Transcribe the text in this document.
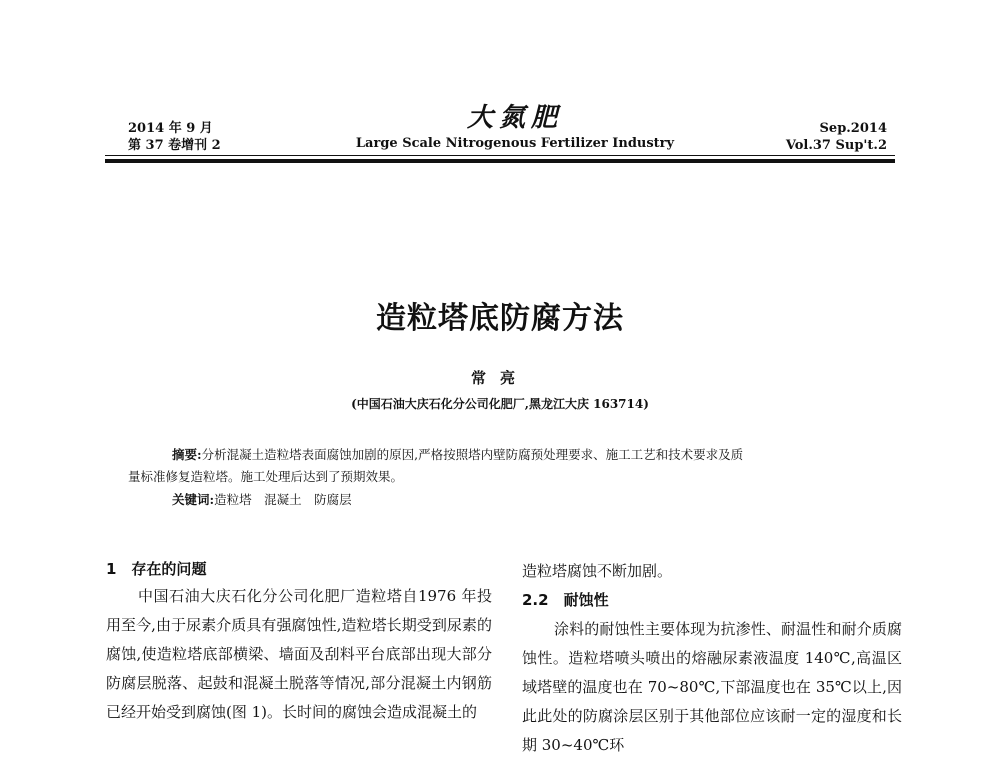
2014 年 9 月
第 37 卷增刊 2
大氮肥
Large Scale Nitrogenous Fertilizer Industry
Sep.2014
Vol.37 Sup't.2
造粒塔底防腐方法
常亮
(中国石油大庆石化分公司化肥厂,黑龙江大庆 163714)

摘要:分析混凝土造粒塔表面腐蚀加剧的原因,严格按照塔内壁防腐预处理要求、施工工艺和技术要求及质

量标准修复造粒塔。施工处理后达到了预期效果。

关键词:造粒塔　混凝土　防腐层
1　存在的问题

中国石油大庆石化分公司化肥厂造粒塔自1976 年投用至今,由于尿素介质具有强腐蚀性,造粒塔长期受到尿素的腐蚀,使造粒塔底部横梁、墙面及刮料平台底部出现大部分防腐层脱落、起鼓和混凝土脱落等情况,部分混凝土内钢筋已经开始受到腐蚀(图 1)。长时间的腐蚀会造成混凝土的

造粒塔腐蚀不断加剧。

2.2　耐蚀性

涂料的耐蚀性主要体现为抗渗性、耐温性和耐介质腐蚀性。造粒塔喷头喷出的熔融尿素液温度 140℃,高温区域塔壁的温度也在 70~80℃,下部温度也在 35℃以上,因此此处的防腐涂层区别于其他部位应该耐一定的湿度和长期 30~40℃环
